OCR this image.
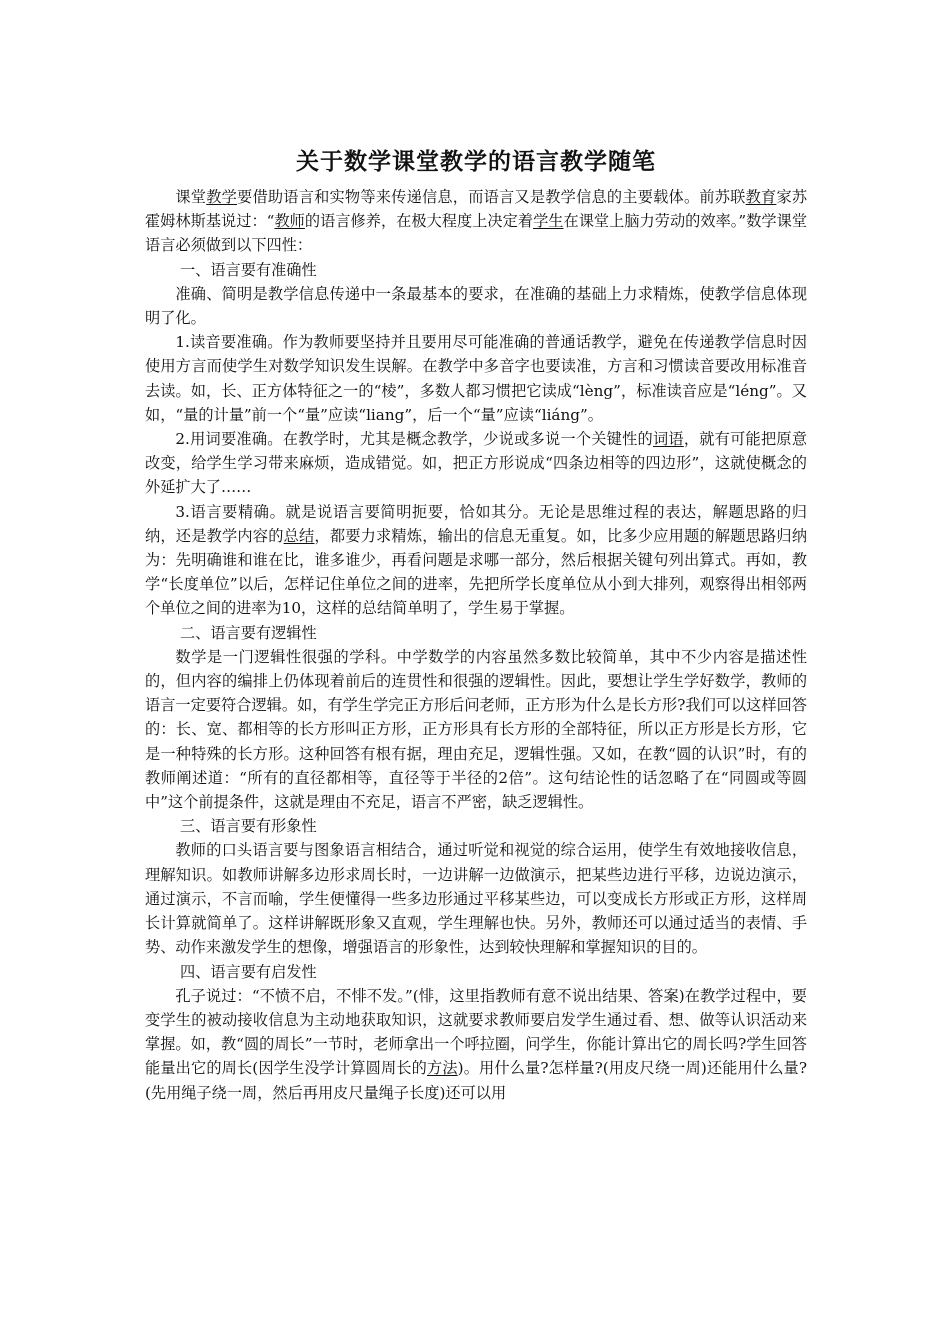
关于数学课堂教学的语言教学随笔

课堂教学要借助语言和实物等来传递信息，而语言又是教学信息的主要载体。前苏联教育家苏霍姆林斯基说过：“教师的语言修养，在极大程度上决定着学生在课堂上脑力劳动的效率。”数学课堂语言必须做到以下四性：

一、语言要有准确性

准确、简明是教学信息传递中一条最基本的要求，在准确的基础上力求精炼，使教学信息体现明了化。

1.读音要准确。作为教师要坚持并且要用尽可能准确的普通话教学，避免在传递教学信息时因使用方言而使学生对数学知识发生误解。在教学中多音字也要读准，方言和习惯读音要改用标准音去读。如，长、正方体特征之一的“棱”，多数人都习惯把它读成“lèng”，标准读音应是“léng”。又如，“量的计量”前一个“量”应读“liang”，后一个“量”应读“liáng”。

2.用词要准确。在教学时，尤其是概念教学，少说或多说一个关键性的词语，就有可能把原意改变，给学生学习带来麻烦，造成错觉。如，把正方形说成“四条边相等的四边形”，这就使概念的外延扩大了……

3.语言要精确。就是说语言要简明扼要，恰如其分。无论是思维过程的表达，解题思路的归纳，还是教学内容的总结，都要力求精炼，输出的信息无重复。如，比多少应用题的解题思路归纳为：先明确谁和谁在比，谁多谁少，再看问题是求哪一部分，然后根据关键句列出算式。再如，教学“长度单位”以后，怎样记住单位之间的进率，先把所学长度单位从小到大排列，观察得出相邻两个单位之间的进率为10，这样的总结简单明了，学生易于掌握。

二、语言要有逻辑性

数学是一门逻辑性很强的学科。中学数学的内容虽然多数比较简单，其中不少内容是描述性的，但内容的编排上仍体现着前后的连贯性和很强的逻辑性。因此，要想让学生学好数学，教师的语言一定要符合逻辑。如，有学生学完正方形后问老师，正方形为什么是长方形?我们可以这样回答的：长、宽、都相等的长方形叫正方形，正方形具有长方形的全部特征，所以正方形是长方形，它是一种特殊的长方形。这种回答有根有据，理由充足，逻辑性强。又如，在教“圆的认识”时，有的教师阐述道：“所有的直径都相等，直径等于半径的2倍”。这句结论性的话忽略了在“同圆或等圆中”这个前提条件，这就是理由不充足，语言不严密，缺乏逻辑性。

三、语言要有形象性

教师的口头语言要与图象语言相结合，通过听觉和视觉的综合运用，使学生有效地接收信息，理解知识。如教师讲解多边形求周长时，一边讲解一边做演示，把某些边进行平移，边说边演示，通过演示，不言而喻，学生便懂得一些多边形通过平移某些边，可以变成长方形或正方形，这样周长计算就简单了。这样讲解既形象又直观，学生理解也快。另外，教师还可以通过适当的表情、手势、动作来激发学生的想像，增强语言的形象性，达到较快理解和掌握知识的目的。

四、语言要有启发性

孔子说过：“不愤不启，不悱不发。”(悱，这里指教师有意不说出结果、答案)在教学过程中，要变学生的被动接收信息为主动地获取知识，这就要求教师要启发学生通过看、想、做等认识活动来掌握。如，教“圆的周长”一节时，老师拿出一个呼拉圈，问学生，你能计算出它的周长吗?学生回答能量出它的周长(因学生没学计算圆周长的方法)。用什么量?怎样量?(用皮尺绕一周)还能用什么量?(先用绳子绕一周，然后再用皮尺量绳子长度)还可以用
